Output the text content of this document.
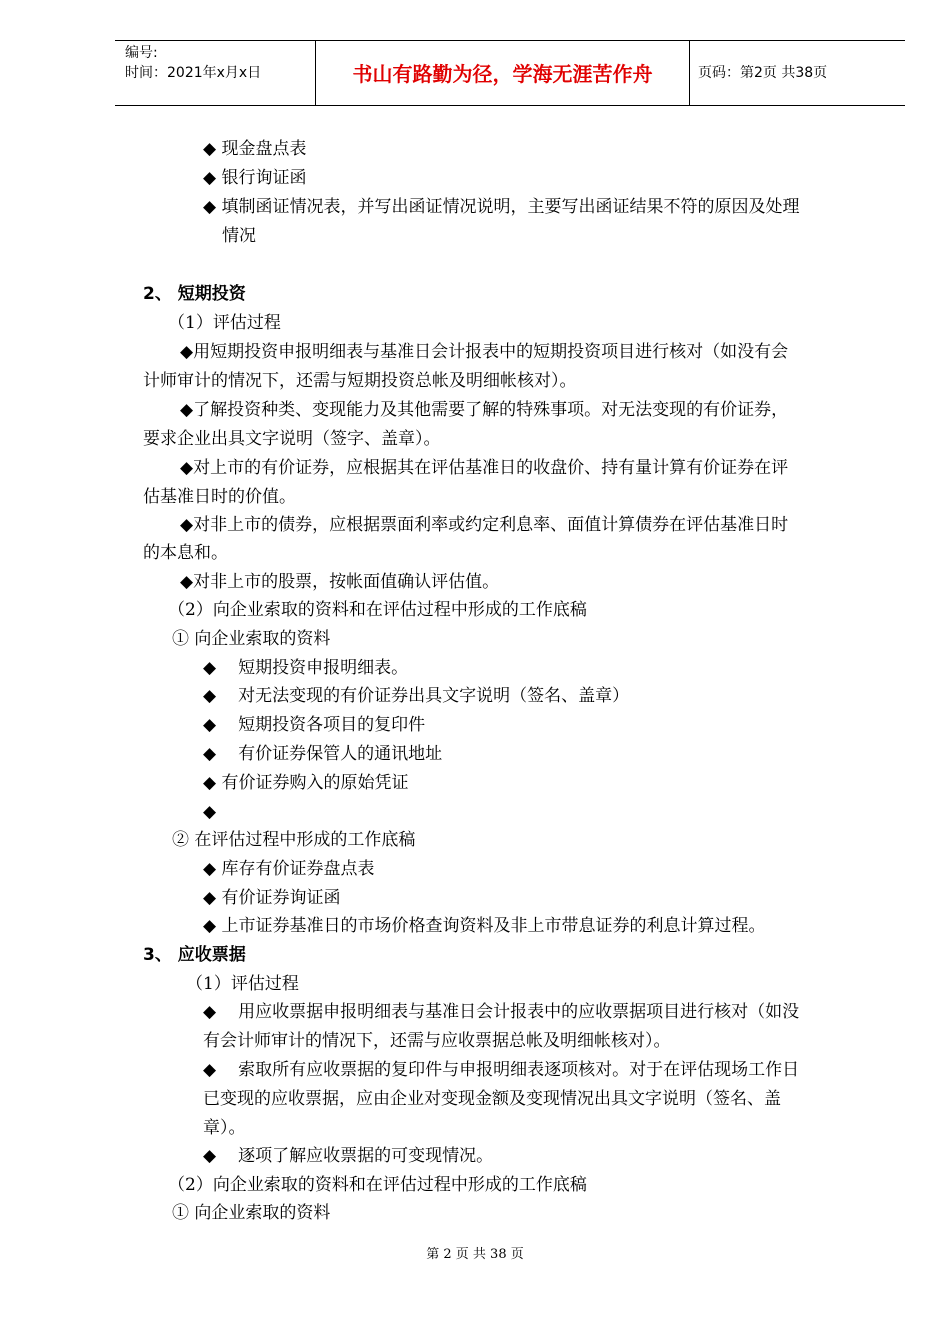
编号:
时间：2021年x月x日	书山有路勤为径，学海无涯苦作舟	页码：第2页 共38页
◆ 现金盘点表
◆ 银行询证函
◆ 填制函证情况表，并写出函证情况说明，主要写出函证结果不符的原因及处理
情况
2、 短期投资
（1）评估过程
◆用短期投资申报明细表与基准日会计报表中的短期投资项目进行核对（如没有会
计师审计的情况下，还需与短期投资总帐及明细帐核对）。
◆了解投资种类、变现能力及其他需要了解的特殊事项。对无法变现的有价证券，
要求企业出具文字说明（签字、盖章）。
◆对上市的有价证券，应根据其在评估基准日的收盘价、持有量计算有价证券在评
估基准日时的价值。
◆对非上市的债券，应根据票面利率或约定利息率、面值计算债券在评估基准日时
的本息和。
◆对非上市的股票，按帐面值确认评估值。
（2）向企业索取的资料和在评估过程中形成的工作底稿
① 向企业索取的资料
◆ 短期投资申报明细表。
◆ 对无法变现的有价证券出具文字说明（签名、盖章）
◆ 短期投资各项目的复印件
◆ 有价证券保管人的通讯地址
◆ 有价证券购入的原始凭证
◆
② 在评估过程中形成的工作底稿
◆ 库存有价证券盘点表
◆ 有价证券询证函
◆ 上市证券基准日的市场价格查询资料及非上市带息证券的利息计算过程。
3、 应收票据
（1）评估过程
◆ 用应收票据申报明细表与基准日会计报表中的应收票据项目进行核对（如没
有会计师审计的情况下，还需与应收票据总帐及明细帐核对）。
◆ 索取所有应收票据的复印件与申报明细表逐项核对。对于在评估现场工作日
已变现的应收票据，应由企业对变现金额及变现情况出具文字说明（签名、盖
章）。
◆ 逐项了解应收票据的可变现情况。
（2）向企业索取的资料和在评估过程中形成的工作底稿
① 向企业索取的资料
第 2 页 共 38 页
